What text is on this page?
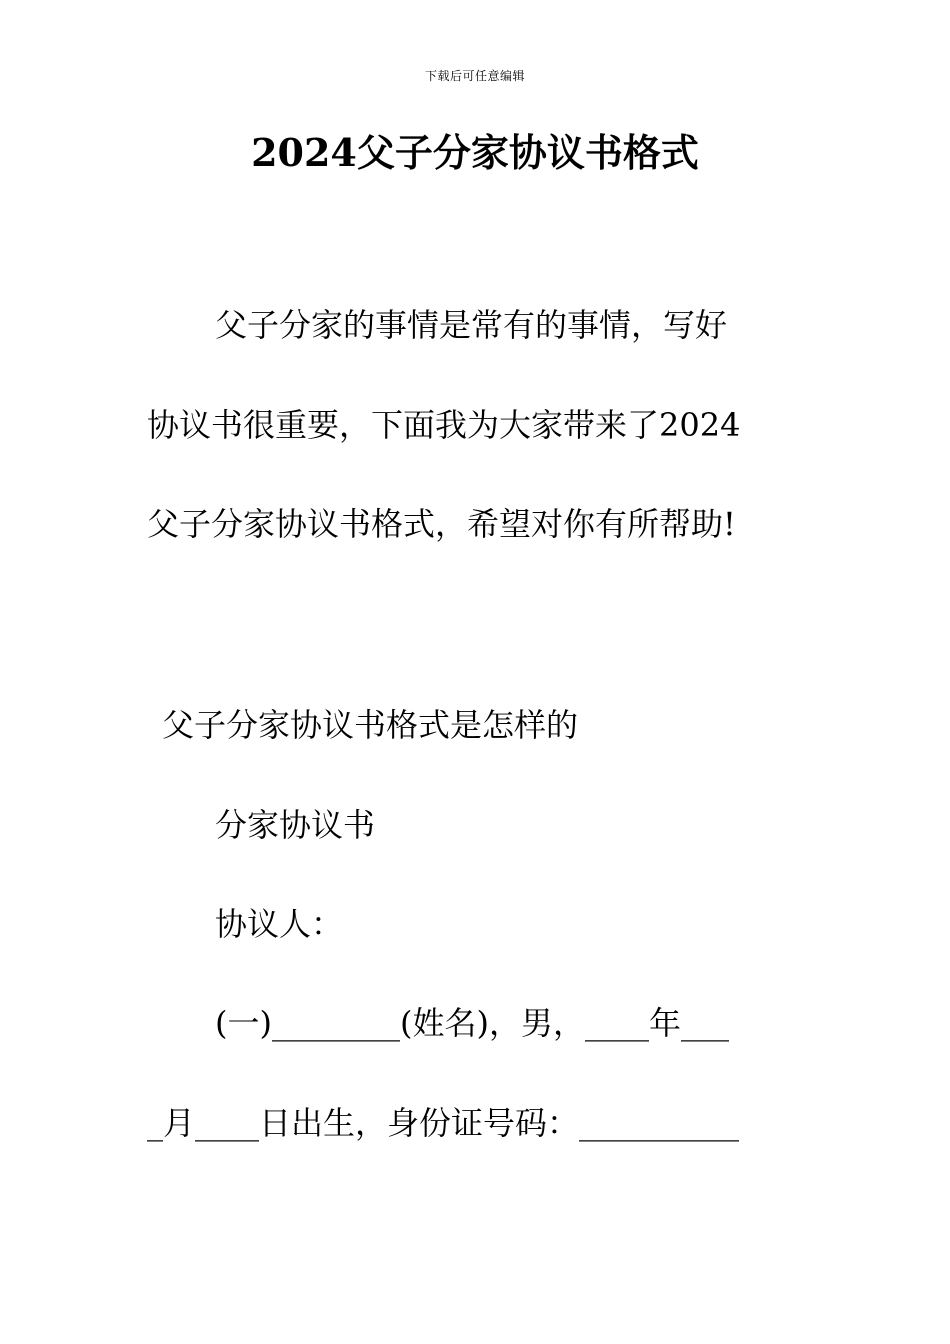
下载后可任意编辑
2024父子分家协议书格式

父子分家的事情是常有的事情，写好

协议书很重要，下面我为大家带来了2024

父子分家协议书格式，希望对你有所帮助!

父子分家协议书格式是怎样的

分家协议书

协议人：

(一)________(姓名)，男，____年___

_月____日出生，身份证号码：__________
